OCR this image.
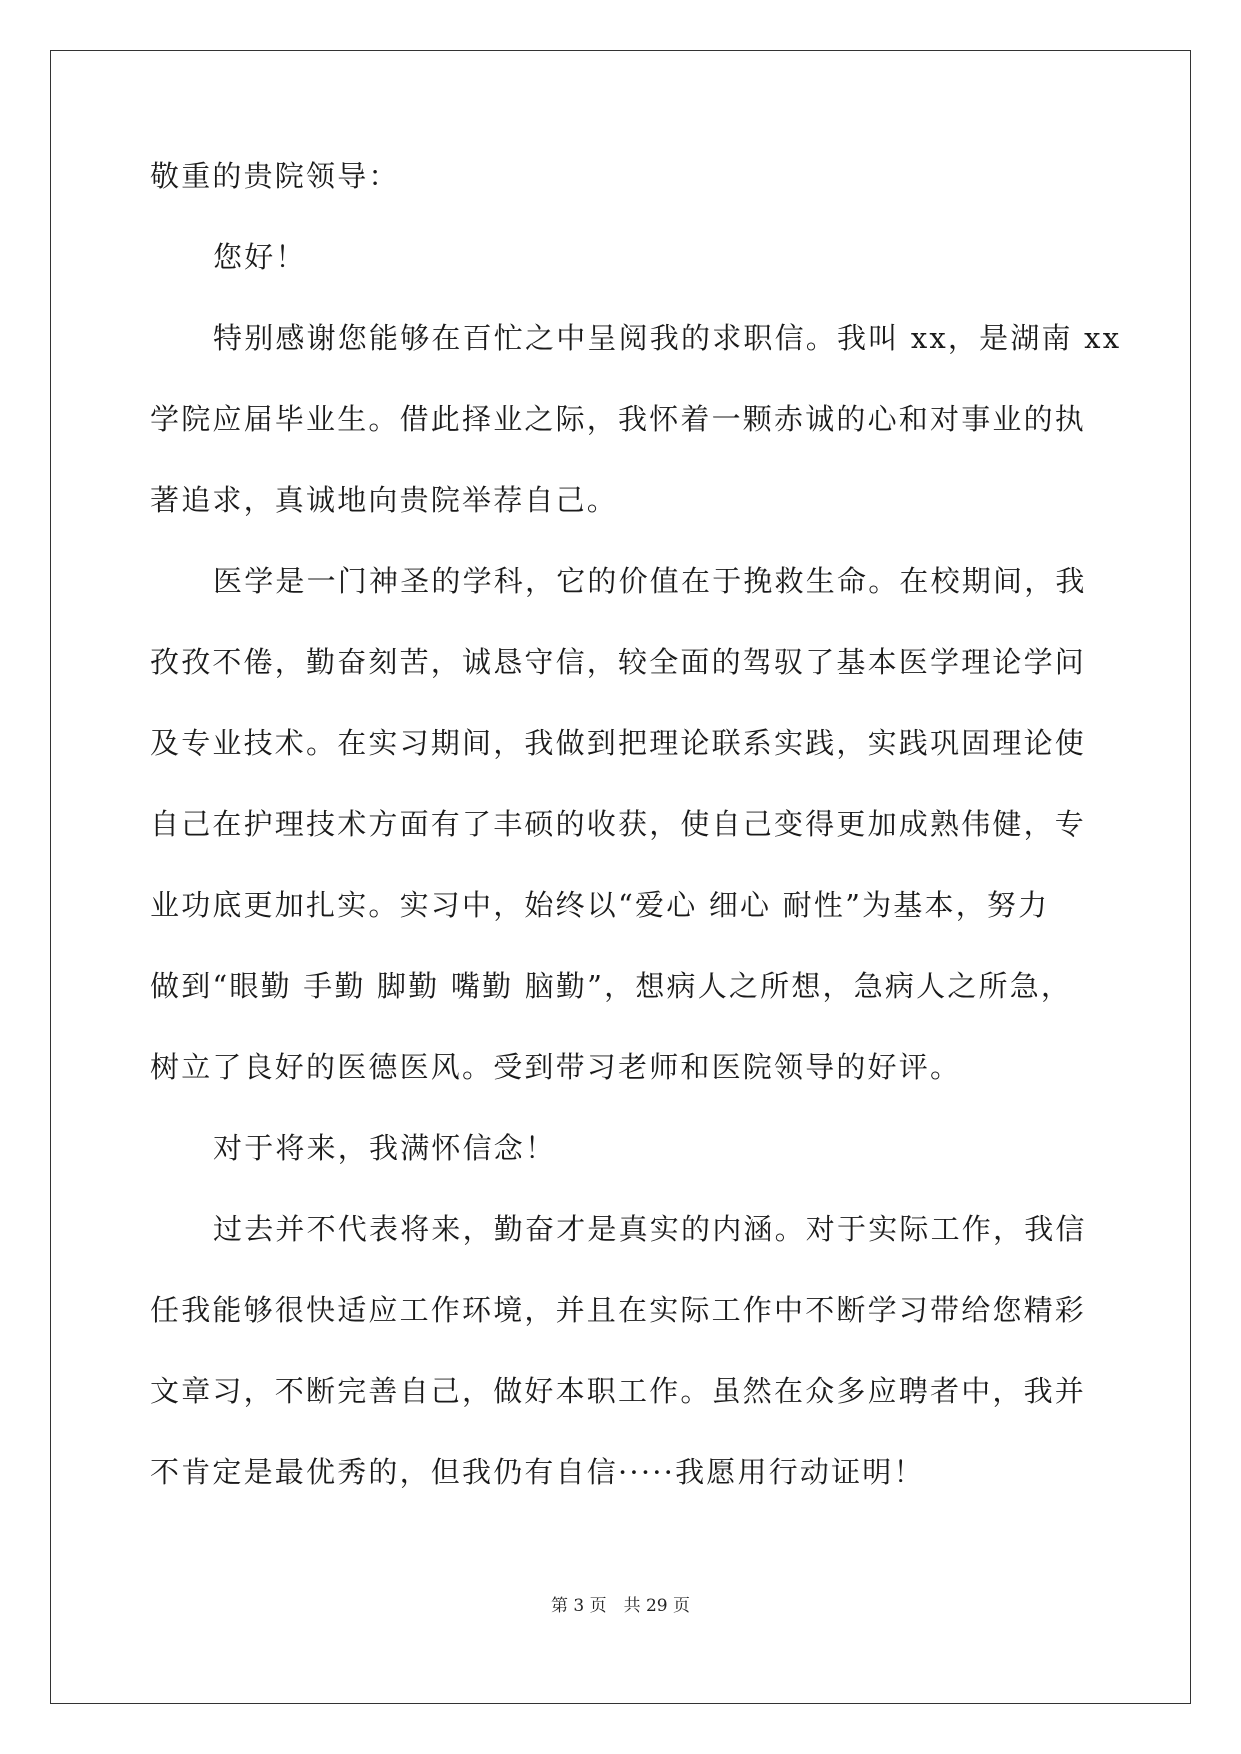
敬重的贵院领导：
您好！
特别感谢您能够在百忙之中呈阅我的求职信。我叫 xx，是湖南 xx
学院应届毕业生。借此择业之际，我怀着一颗赤诚的心和对事业的执
著追求，真诚地向贵院举荐自己。
医学是一门神圣的学科，它的价值在于挽救生命。在校期间，我
孜孜不倦，勤奋刻苦，诚恳守信，较全面的驾驭了基本医学理论学问
及专业技术。在实习期间，我做到把理论联系实践，实践巩固理论使
自己在护理技术方面有了丰硕的收获，使自己变得更加成熟伟健，专
业功底更加扎实。实习中，始终以“爱心 细心 耐性”为基本，努力
做到“眼勤 手勤 脚勤 嘴勤 脑勤”，想病人之所想，急病人之所急，
树立了良好的医德医风。受到带习老师和医院领导的好评。
对于将来，我满怀信念！
过去并不代表将来，勤奋才是真实的内涵。对于实际工作，我信
任我能够很快适应工作环境，并且在实际工作中不断学习带给您精彩
文章习，不断完善自己，做好本职工作。虽然在众多应聘者中，我并
不肯定是最优秀的，但我仍有自信·····我愿用行动证明！
第 3 页　共 29 页
